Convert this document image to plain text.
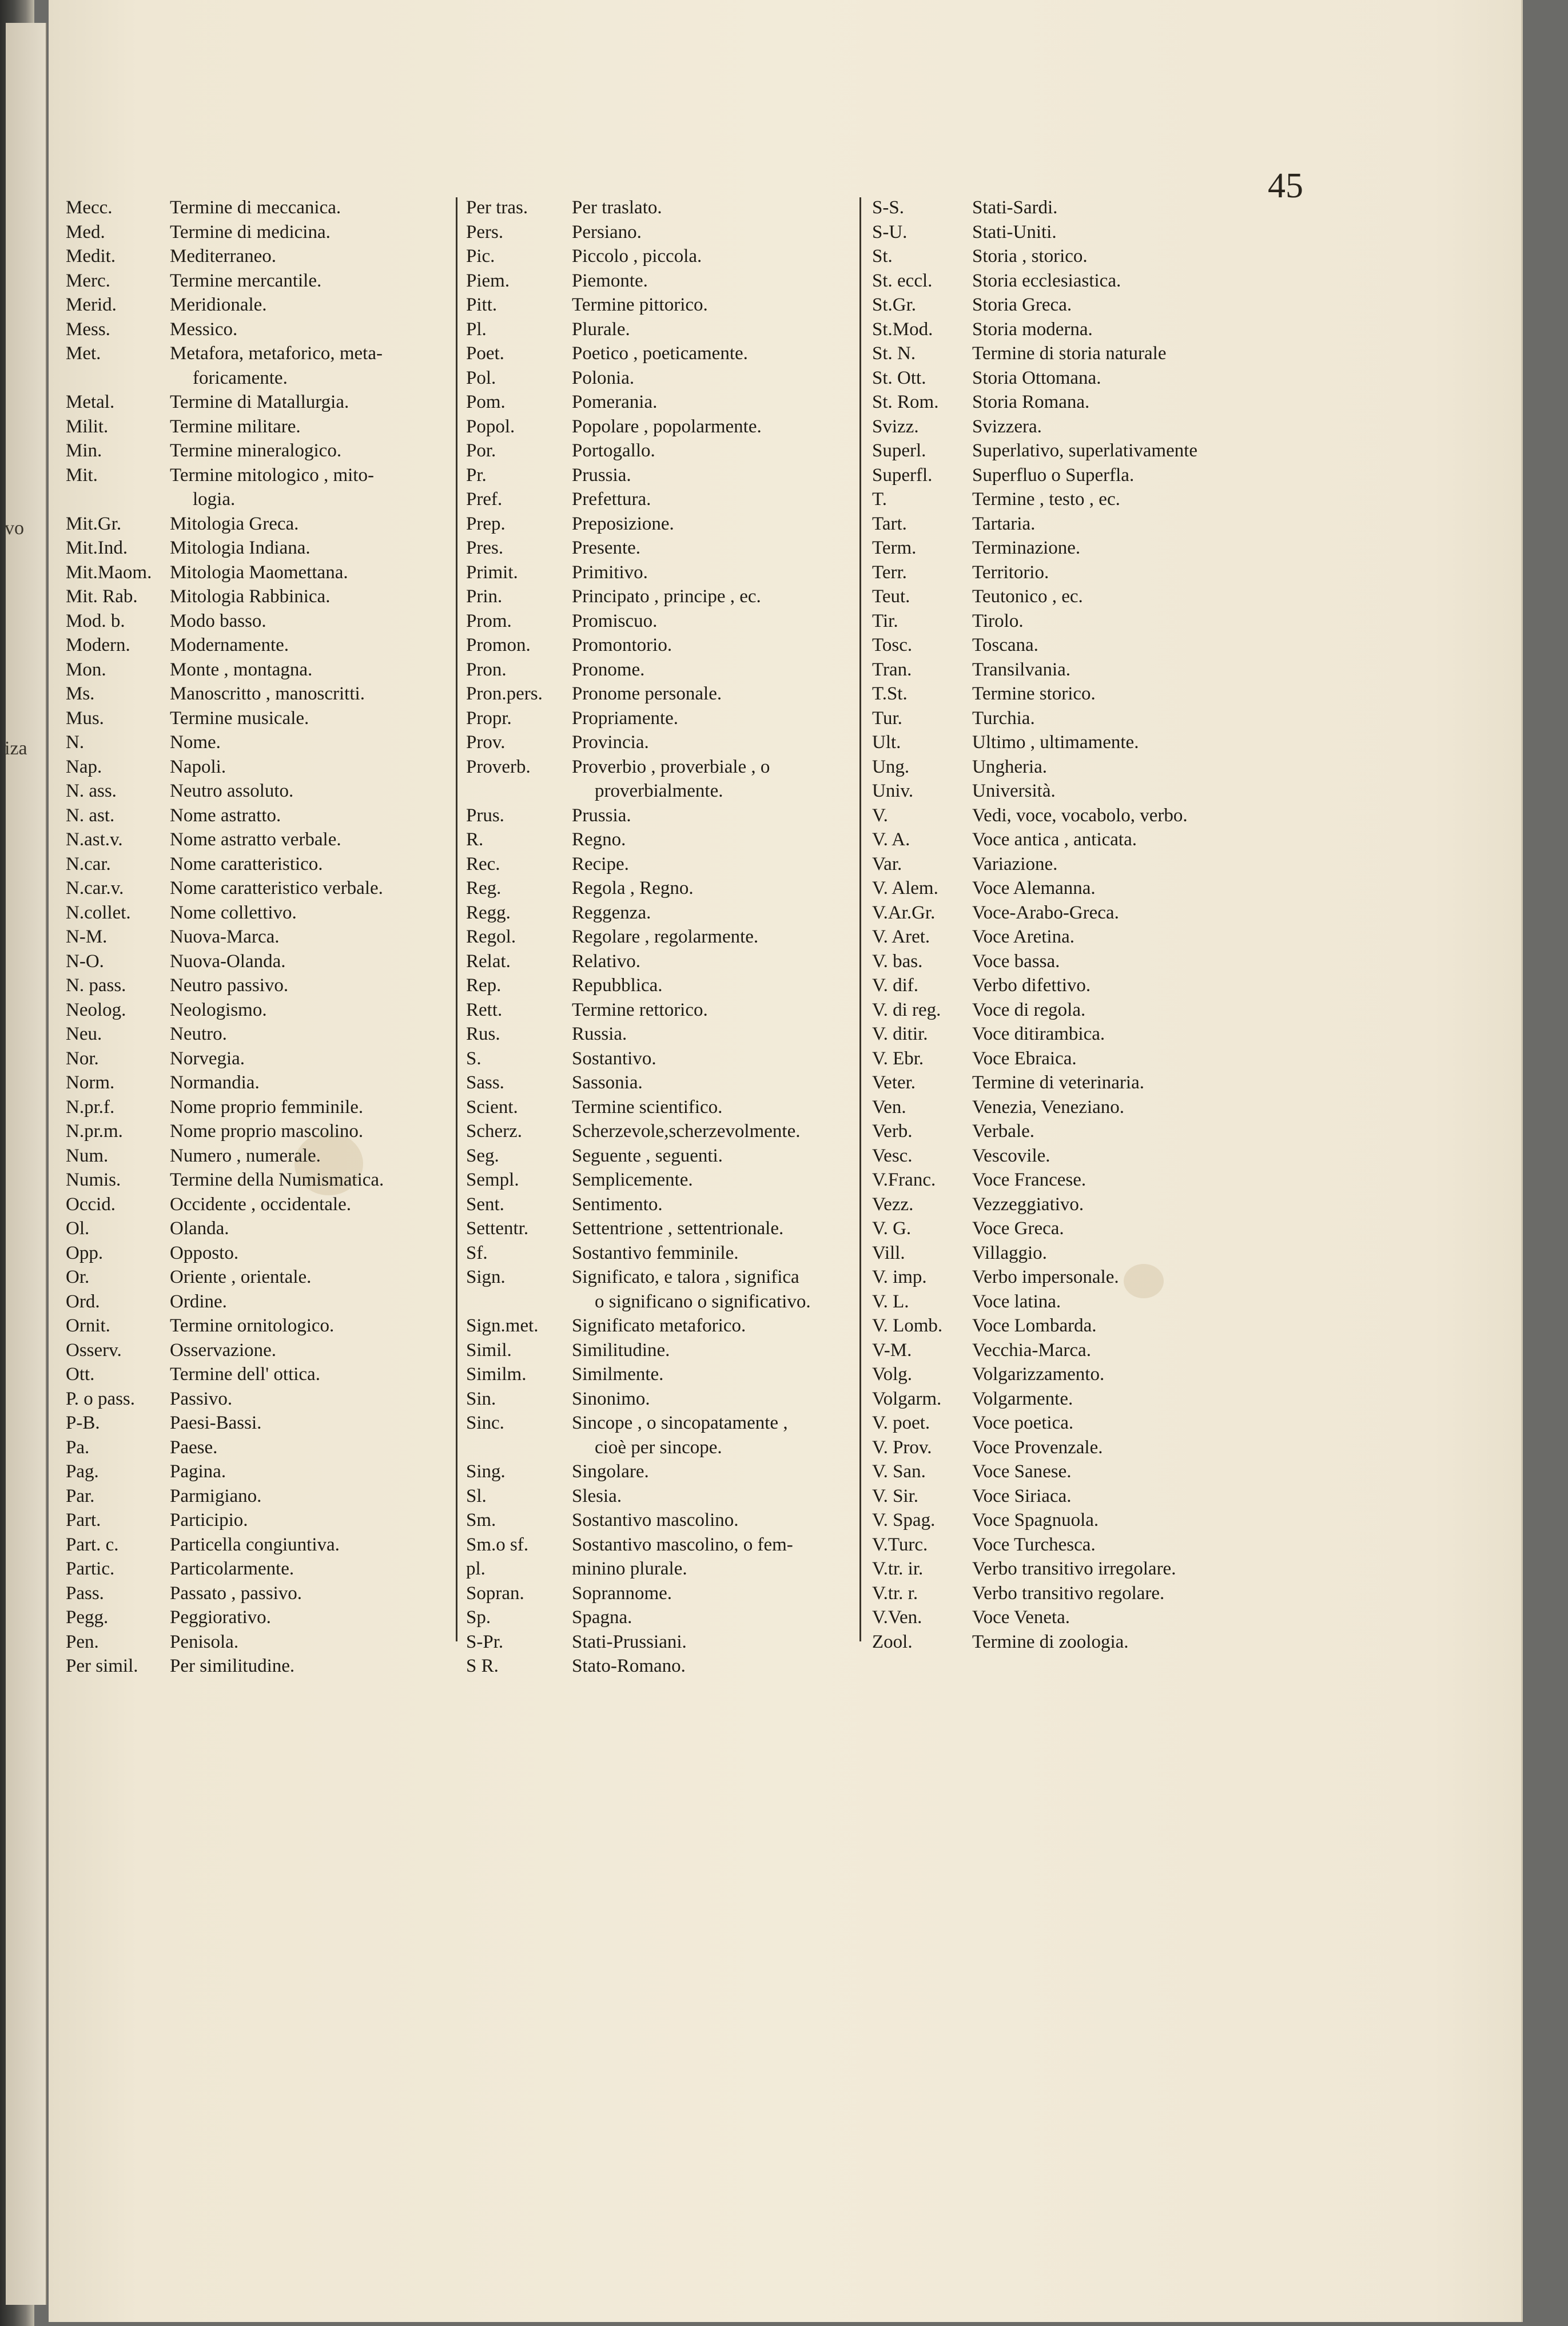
vo
iza
45
Mecc.	Termine di meccanica.
Med.	Termine di medicina.
Medit.	Mediterraneo.
Merc.	Termine mercantile.
Merid.	Meridionale.
Mess.	Messico.
Met.	Metafora, metaforico, meta-
foricamente.
Metal.	Termine di Matallurgia.
Milit.	Termine militare.
Min.	Termine mineralogico.
Mit.	Termine mitologico , mito-
logia.
Mit.Gr.	Mitologia Greca.
Mit.Ind. Mitologia Indiana.
Mit.Maom. Mitologia Maomettana.
Mit. Rab. Mitologia Rabbinica.
Mod. b. Modo basso.
Modern. Modernamente.
Mon.	Monte , montagna.
Ms.	Manoscritto , manoscritti.
Mus.	Termine musicale.
N.	Nome.
Nap.	Napoli.
N. ass.	Neutro assoluto.
N. ast.	Nome astratto.
N.ast.v. Nome astratto verbale.
N.car.	Nome caratteristico.
N.car.v. Nome caratteristico verbale.
N.collet. Nome collettivo.
N-M.	Nuova-Marca.
N-O.	Nuova-Olanda.
N. pass. Neutro passivo.
Neolog. Neologismo.
Neu.	Neutro.
Nor.	Norvegia.
Norm.	Normandia.
N.pr.f.	Nome proprio femminile.
N.pr.m. Nome proprio mascolino.
Num.	Numero , numerale.
Numis.	Termine della Numismatica.
Occid.	Occidente , occidentale.
Ol.	Olanda.
Opp.	Opposto.
Or.	Oriente , orientale.
Ord.	Ordine.
Ornit.	Termine ornitologico.
Osserv.	Osservazione.
Ott.	Termine dell' ottica.
P. o pass. Passivo.
P-B.	Paesi-Bassi.
Pa.	Paese.
Pag.	Pagina.
Par.	Parmigiano.
Part.	Participio.
Part. c.	Particella congiuntiva.
Partic.	Particolarmente.
Pass.	Passato , passivo.
Pegg.	Peggiorativo.
Pen.	Penisola.
Per simil. Per similitudine.
Per tras. Per traslato.
Pers.	Persiano.
Pic.	Piccolo , piccola.
Piem.	Piemonte.
Pitt.	Termine pittorico.
Pl.	Plurale.
Poet.	Poetico , poeticamente.
Pol.	Polonia.
Pom.	Pomerania.
Popol.	Popolare , popolarmente.
Por.	Portogallo.
Pr.	Prussia.
Pref.	Prefettura.
Prep.	Preposizione.
Pres.	Presente.
Primit.	Primitivo.
Prin.	Principato , principe , ec.
Prom.	Promiscuo.
Promon. Promontorio.
Pron.	Pronome.
Pron.pers. Pronome personale.
Propr.	Propriamente.
Prov.	Provincia.
Proverb. Proverbio , proverbiale , o
proverbialmente.
Prus.	Prussia.
R.	Regno.
Rec.	Recipe.
Reg.	Regola , Regno.
Regg.	Reggenza.
Regol.	Regolare , regolarmente.
Relat.	Relativo.
Rep.	Repubblica.
Rett.	Termine rettorico.
Rus.	Russia.
S.	Sostantivo.
Sass.	Sassonia.
Scient.	Termine scientifico.
Scherz.	Scherzevole,scherzevolmente.
Seg.	Seguente , seguenti.
Sempl.	Semplicemente.
Sent.	Sentimento.
Settentr. Settentrione , settentrionale.
Sf.	Sostantivo femminile.
Sign.	Significato, e talora , significa
o significano o significativo.
Sign.met. Significato metaforico.
Simil.	Similitudine.
Similm. Similmente.
Sin.	Sinonimo.
Sinc.	Sincope , o sincopatamente ,
cioè per sincope.
Sing.	Singolare.
Sl.	Slesia.
Sm.	Sostantivo mascolino.
Sm.o sf. Sostantivo mascolino, o fem-
pl.	minino plurale.
Sopran.	Soprannome.
Sp.	Spagna.
S-Pr.	Stati-Prussiani.
S R.	Stato-Romano.
S-S.	Stati-Sardi.
S-U.	Stati-Uniti.
St.	Storia , storico.
St. eccl. Storia ecclesiastica.
St.Gr.	Storia Greca.
St.Mod. Storia moderna.
St. N.	Termine di storia naturale
St. Ott. Storia Ottomana.
St. Rom. Storia Romana.
Svizz.	Svizzera.
Superl. Superlativo, superlativamente
Superfl. Superfluo o Superfla.
T.	Termine , testo , ec.
Tart.	Tartaria.
Term.	Terminazione.
Terr.	Territorio.
Teut.	Teutonico , ec.
Tir.	Tirolo.
Tosc.	Toscana.
Tran.	Transilvania.
T.St.	Termine storico.
Tur.	Turchia.
Ult.	Ultimo , ultimamente.
Ung.	Ungheria.
Univ.	Università.
V.	Vedi, voce, vocabolo, verbo.
V. A.	Voce antica , anticata.
Var.	Variazione.
V. Alem. Voce Alemanna.
V.Ar.Gr. Voce-Arabo-Greca.
V. Aret. Voce Aretina.
V. bas.	Voce bassa.
V. dif.	Verbo difettivo.
V. di reg. Voce di regola.
V. ditir. Voce ditirambica.
V. Ebr.	Voce Ebraica.
Veter.	Termine di veterinaria.
Ven.	Venezia, Veneziano.
Verb.	Verbale.
Vesc.	Vescovile.
V.Franc. Voce Francese.
Vezz.	Vezzeggiativo.
V. G.	Voce Greca.
Vill.	Villaggio.
V. imp. Verbo impersonale.
V. L.	Voce latina.
V. Lomb. Voce Lombarda.
V-M.	Vecchia-Marca.
Volg.	Volgarizzamento.
Volgarm. Volgarmente.
V. poet. Voce poetica.
V. Prov. Voce Provenzale.
V. San. Voce Sanese.
V. Sir.	Voce Siriaca.
V. Spag. Voce Spagnuola.
V.Turc. Voce Turchesca.
V.tr. ir.	Verbo transitivo irregolare.
V.tr. r.	Verbo transitivo regolare.
V.Ven.	Voce Veneta.
Zool.	Termine di zoologia.
